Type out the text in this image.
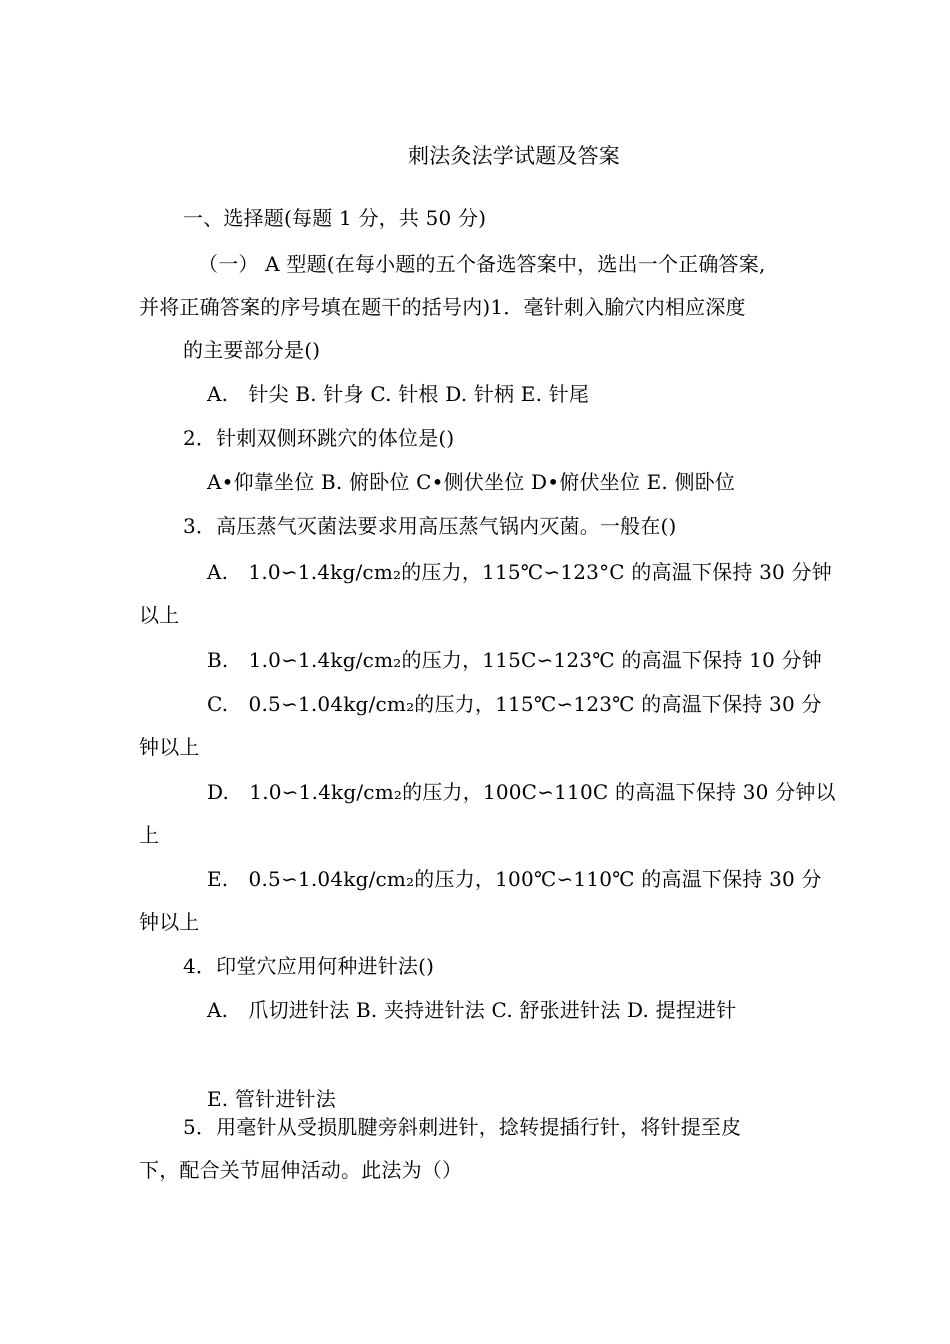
刺法灸法学试题及答案
一、选择题(每题 1 分，共 50 分)
（一） A 型题(在每小题的五个备选答案中，选出一个正确答案,
并将正确答案的序号填在题干的括号内)1．毫针刺入腧穴内相应深度
的主要部分是()
A.　针尖 B. 针身 C. 针根 D. 针柄 E. 针尾
2．针刺双侧环跳穴的体位是()
A•仰靠坐位 B. 俯卧位 C•侧伏坐位 D•俯伏坐位 E. 侧卧位
3．高压蒸气灭菌法要求用高压蒸气锅内灭菌。一般在()
A.　1.0∽1.4kg/cm₂的压力，115℃∽123°C 的高温下保持 30 分钟
以上
B.　1.0∽1.4kg/cm₂的压力，115C∽123℃ 的高温下保持 10 分钟
C.　0.5∽1.04kg/cm₂的压力，115℃∽123℃ 的高温下保持 30 分
钟以上
D.　1.0∽1.4kg/cm₂的压力，100C∽110C 的高温下保持 30 分钟以
上
E.　0.5∽1.04kg/cm₂的压力，100℃∽110℃ 的高温下保持 30 分
钟以上
4．印堂穴应用何种进针法()
A.　爪切进针法 B. 夹持进针法 C. 舒张进针法 D. 提捏进针
E. 管针进针法
5．用毫针从受损肌腱旁斜刺进针，捻转提插行针，将针提至皮
下，配合关节屈伸活动。此法为（）
